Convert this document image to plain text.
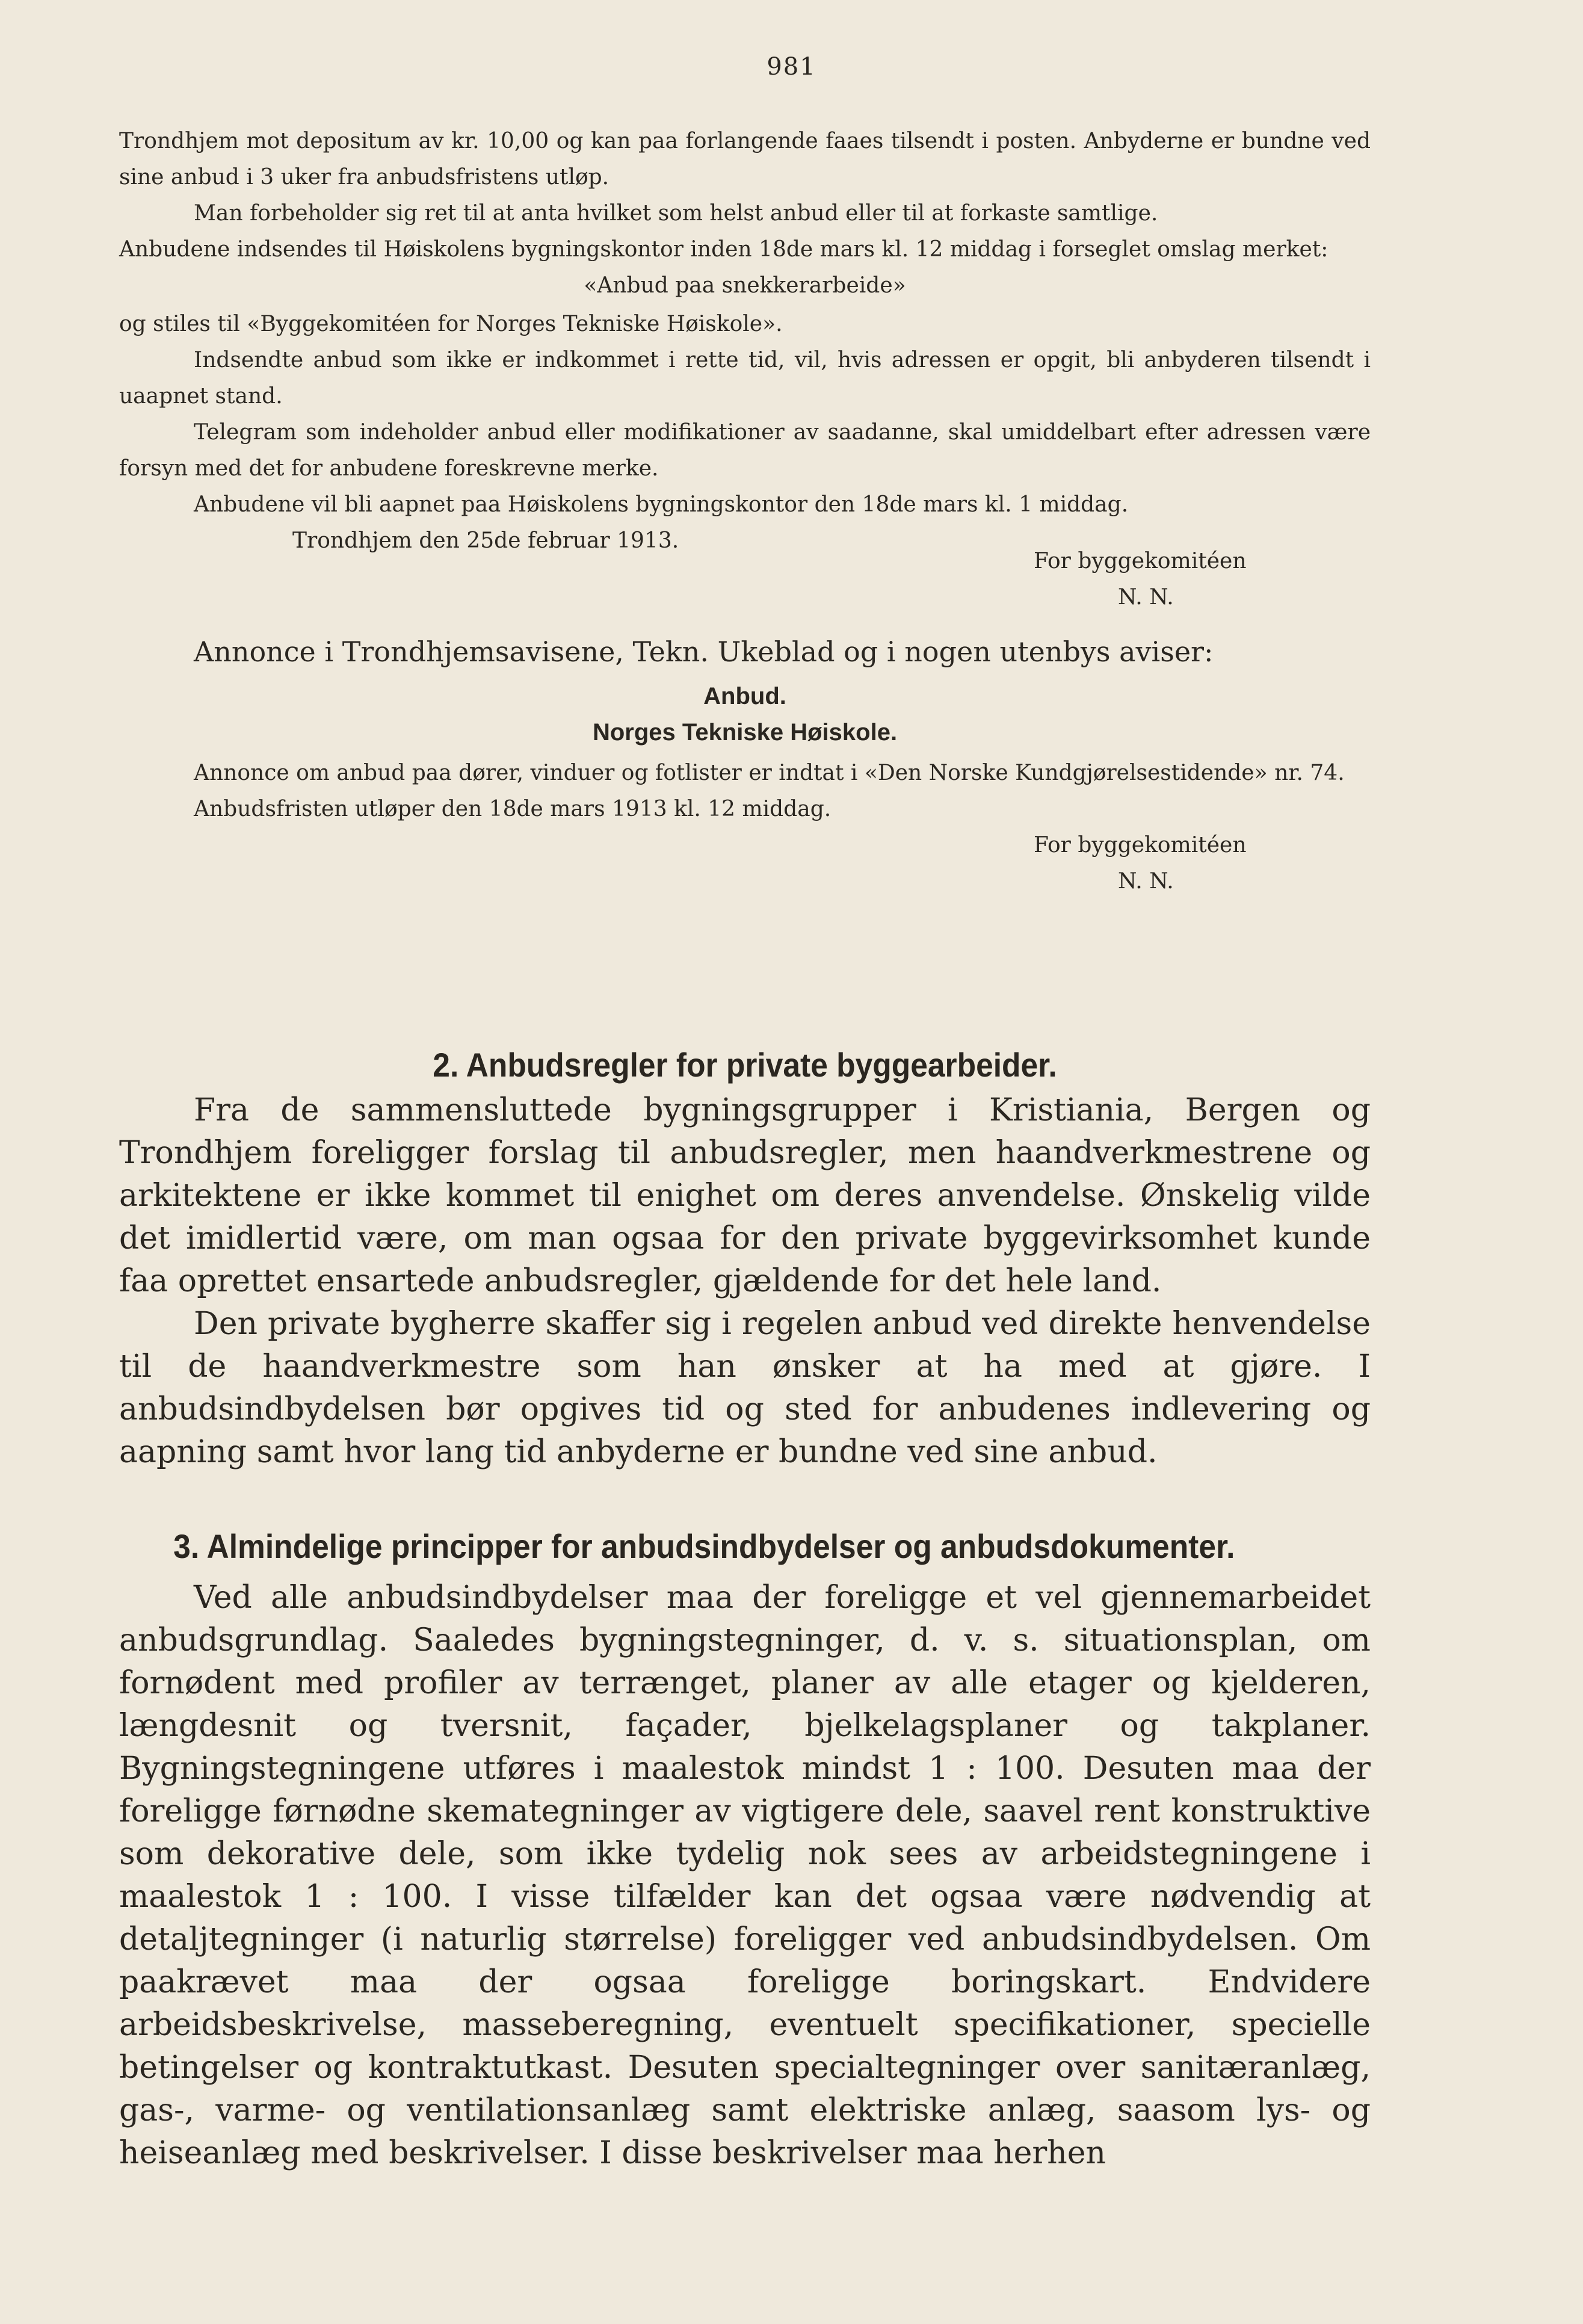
981

Trondhjem mot depositum av kr. 10,00 og kan paa forlangende faaes tilsendt i posten. Anbyderne er bundne ved sine anbud i 3 uker fra anbudsfristens utløp.

Man forbeholder sig ret til at anta hvilket som helst anbud eller til at forkaste samtlige.

Anbudene indsendes til Høiskolens bygningskontor inden 18de mars kl. 12 middag i forseglet omslag merket:

«Anbud paa snekkerarbeide»

og stiles til «Byggekomitéen for Norges Tekniske Høiskole».

Indsendte anbud som ikke er indkommet i rette tid, vil, hvis adressen er opgit, bli anbyderen tilsendt i uaapnet stand.

Telegram som indeholder anbud eller modifikationer av saadanne, skal umiddelbart efter adressen være forsyn med det for anbudene foreskrevne merke.

Anbudene vil bli aapnet paa Høiskolens bygningskontor den 18de mars kl. 1 middag.

Trondhjem den 25de februar 1913.

For byggekomitéen
N. N.

Annonce i Trondhjemsavisene, Tekn. Ukeblad og i nogen utenbys aviser:

Anbud.
Norges Tekniske Høiskole.

Annonce om anbud paa dører, vinduer og fotlister er indtat i «Den Norske Kundgjørelsestidende» nr. 74.

Anbudsfristen utløper den 18de mars 1913 kl. 12 middag.

For byggekomitéen
N. N.
2. Anbudsregler for private byggearbeider.

Fra de sammensluttede bygningsgrupper i Kristiania, Bergen og Trondhjem foreligger forslag til anbudsregler, men haandverkmestrene og arkitektene er ikke kommet til enighet om deres anvendelse. Ønskelig vilde det imidlertid være, om man ogsaa for den private byggevirksomhet kunde faa oprettet ensartede anbudsregler, gjældende for det hele land.

Den private bygherre skaffer sig i regelen anbud ved direkte henvendelse til de haandverkmestre som han ønsker at ha med at gjøre. I anbudsindbydelsen bør opgives tid og sted for anbudenes indlevering og aapning samt hvor lang tid anbyderne er bundne ved sine anbud.

3. Almindelige principper for anbudsindbydelser og anbudsdokumenter.

Ved alle anbudsindbydelser maa der foreligge et vel gjennemarbeidet anbudsgrundlag. Saaledes bygningstegninger, d. v. s. situationsplan, om fornødent med profiler av terrænget, planer av alle etager og kjelderen, længdesnit og tversnit, façader, bjelkelagsplaner og takplaner. Bygningstegningene utføres i maalestok mindst 1 : 100. Desuten maa der foreligge førnødne skemategninger av vigtigere dele, saavel rent konstruktive som dekorative dele, som ikke tydelig nok sees av arbeidstegningene i maalestok 1 : 100. I visse tilfælder kan det ogsaa være nødvendig at detaljtegninger (i naturlig størrelse) foreligger ved anbudsindbydelsen. Om paakrævet maa der ogsaa foreligge boringskart. Endvidere arbeidsbeskrivelse, masseberegning, eventuelt specifikationer, specielle betingelser og kontraktutkast. Desuten specialtegninger over sanitæranlæg, gas-, varme- og ventilationsanlæg samt elektriske anlæg, saasom lys- og heiseanlæg med beskrivelser. I disse beskrivelser maa herhen
